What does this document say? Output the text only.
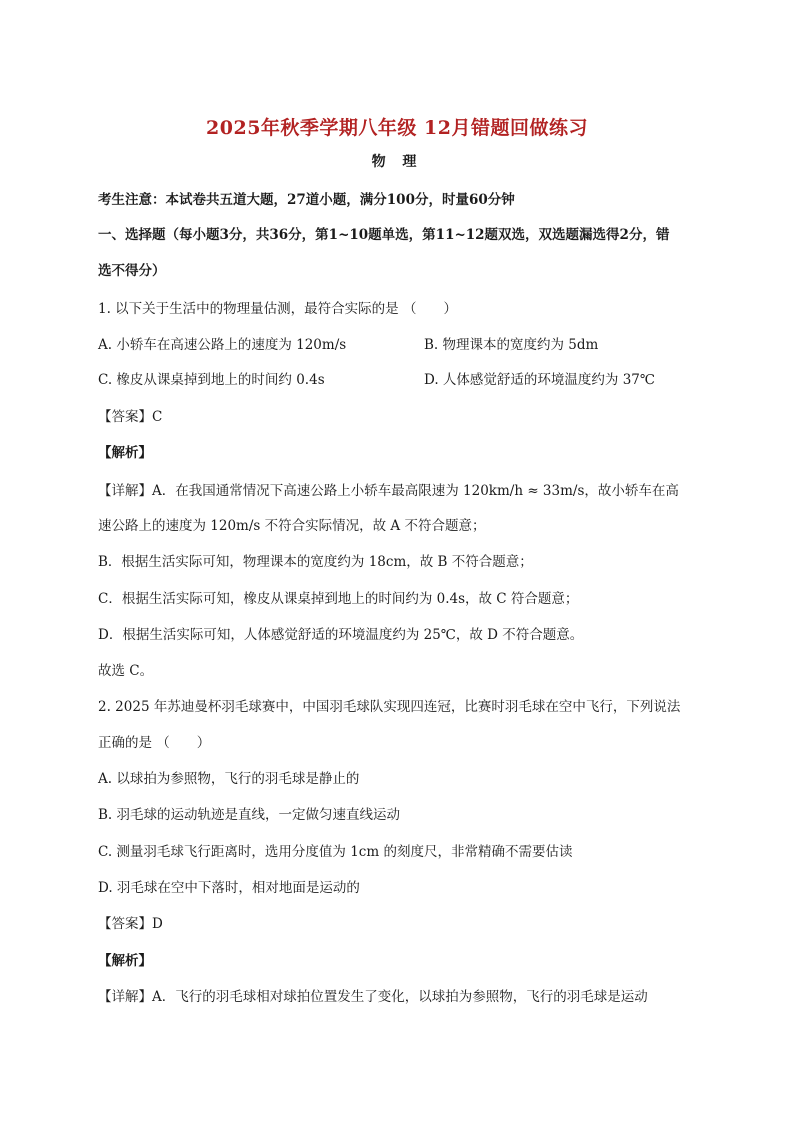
2025年秋季学期八年级 12月错题回做练习
物 理
考生注意：本试卷共五道大题，27道小题，满分100分，时量60分钟
一、选择题（每小题3分，共36分，第1~10题单选，第11~12题双选，双选题漏选得2分，错
选不得分）
1. 以下关于生活中的物理量估测，最符合实际的是 （　　）
A. 小轿车在高速公路上的速度为 120m/s	B. 物理课本的宽度约为 5dm
C. 橡皮从课桌掉到地上的时间约 0.4s	D. 人体感觉舒适的环境温度约为 37℃
【答案】C
【解析】
【详解】A．在我国通常情况下高速公路上小轿车最高限速为 120km/h ≈ 33m/s，故小轿车在高
速公路上的速度为 120m/s 不符合实际情况，故 A 不符合题意；
B．根据生活实际可知，物理课本的宽度约为 18cm，故 B 不符合题意；
C．根据生活实际可知，橡皮从课桌掉到地上的时间约为 0.4s，故 C 符合题意；
D．根据生活实际可知，人体感觉舒适的环境温度约为 25℃，故 D 不符合题意。
故选 C。
2. 2025 年苏迪曼杯羽毛球赛中，中国羽毛球队实现四连冠，比赛时羽毛球在空中飞行，下列说法
正确的是 （　　）
A. 以球拍为参照物，飞行的羽毛球是静止的
B. 羽毛球的运动轨迹是直线，一定做匀速直线运动
C. 测量羽毛球飞行距离时，选用分度值为 1cm 的刻度尺，非常精确不需要估读
D. 羽毛球在空中下落时，相对地面是运动的
【答案】D
【解析】
【详解】A．飞行的羽毛球相对球拍位置发生了变化，以球拍为参照物，飞行的羽毛球是运动
